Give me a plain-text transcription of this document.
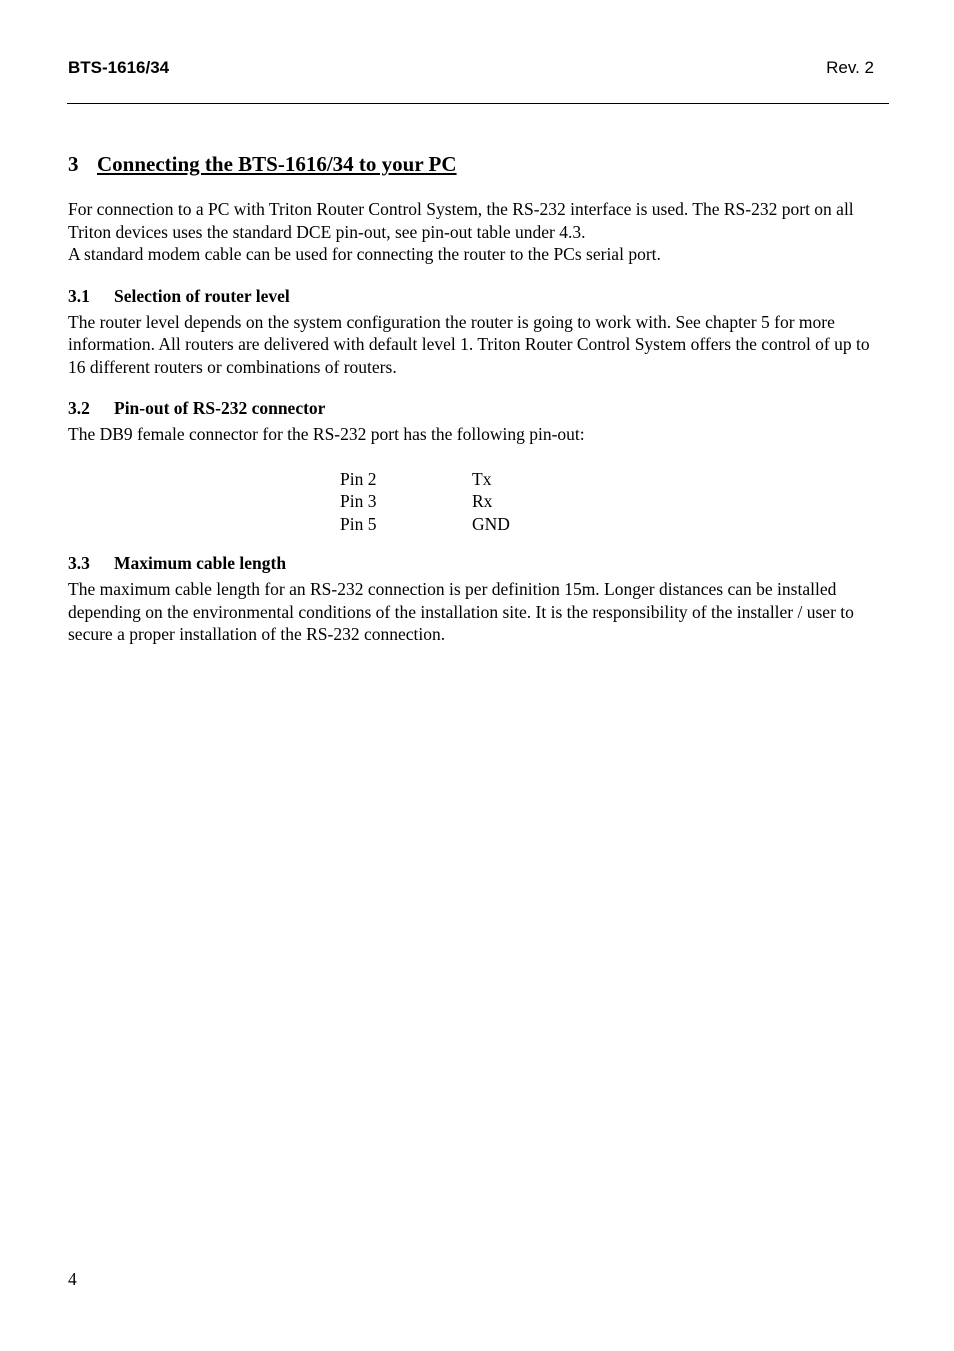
BTS-1616/34	Rev. 2
3 Connecting the BTS-1616/34 to your PC

For connection to a PC with Triton Router Control System, the RS-232 interface is used. The RS-232 port on all Triton devices uses the standard DCE pin-out, see pin-out table under 4.3.

A standard modem cable can be used for connecting the router to the PCs serial port.

3.1 Selection of router level

The router level depends on the system configuration the router is going to work with. See chapter 5 for more information. All routers are delivered with default level 1. Triton Router Control System offers the control of up to 16 different routers or combinations of routers.

3.2 Pin-out of RS-232 connector

The DB9 female connector for the RS-232 port has the following pin-out:

Pin 2	Tx
Pin 3	Rx
Pin 5	GND
3.3 Maximum cable length

The maximum cable length for an RS-232 connection is per definition 15m. Longer distances can be installed depending on the environmental conditions of the installation site. It is the responsibility of the installer / user to secure a proper installation of the RS-232 connection.

4
